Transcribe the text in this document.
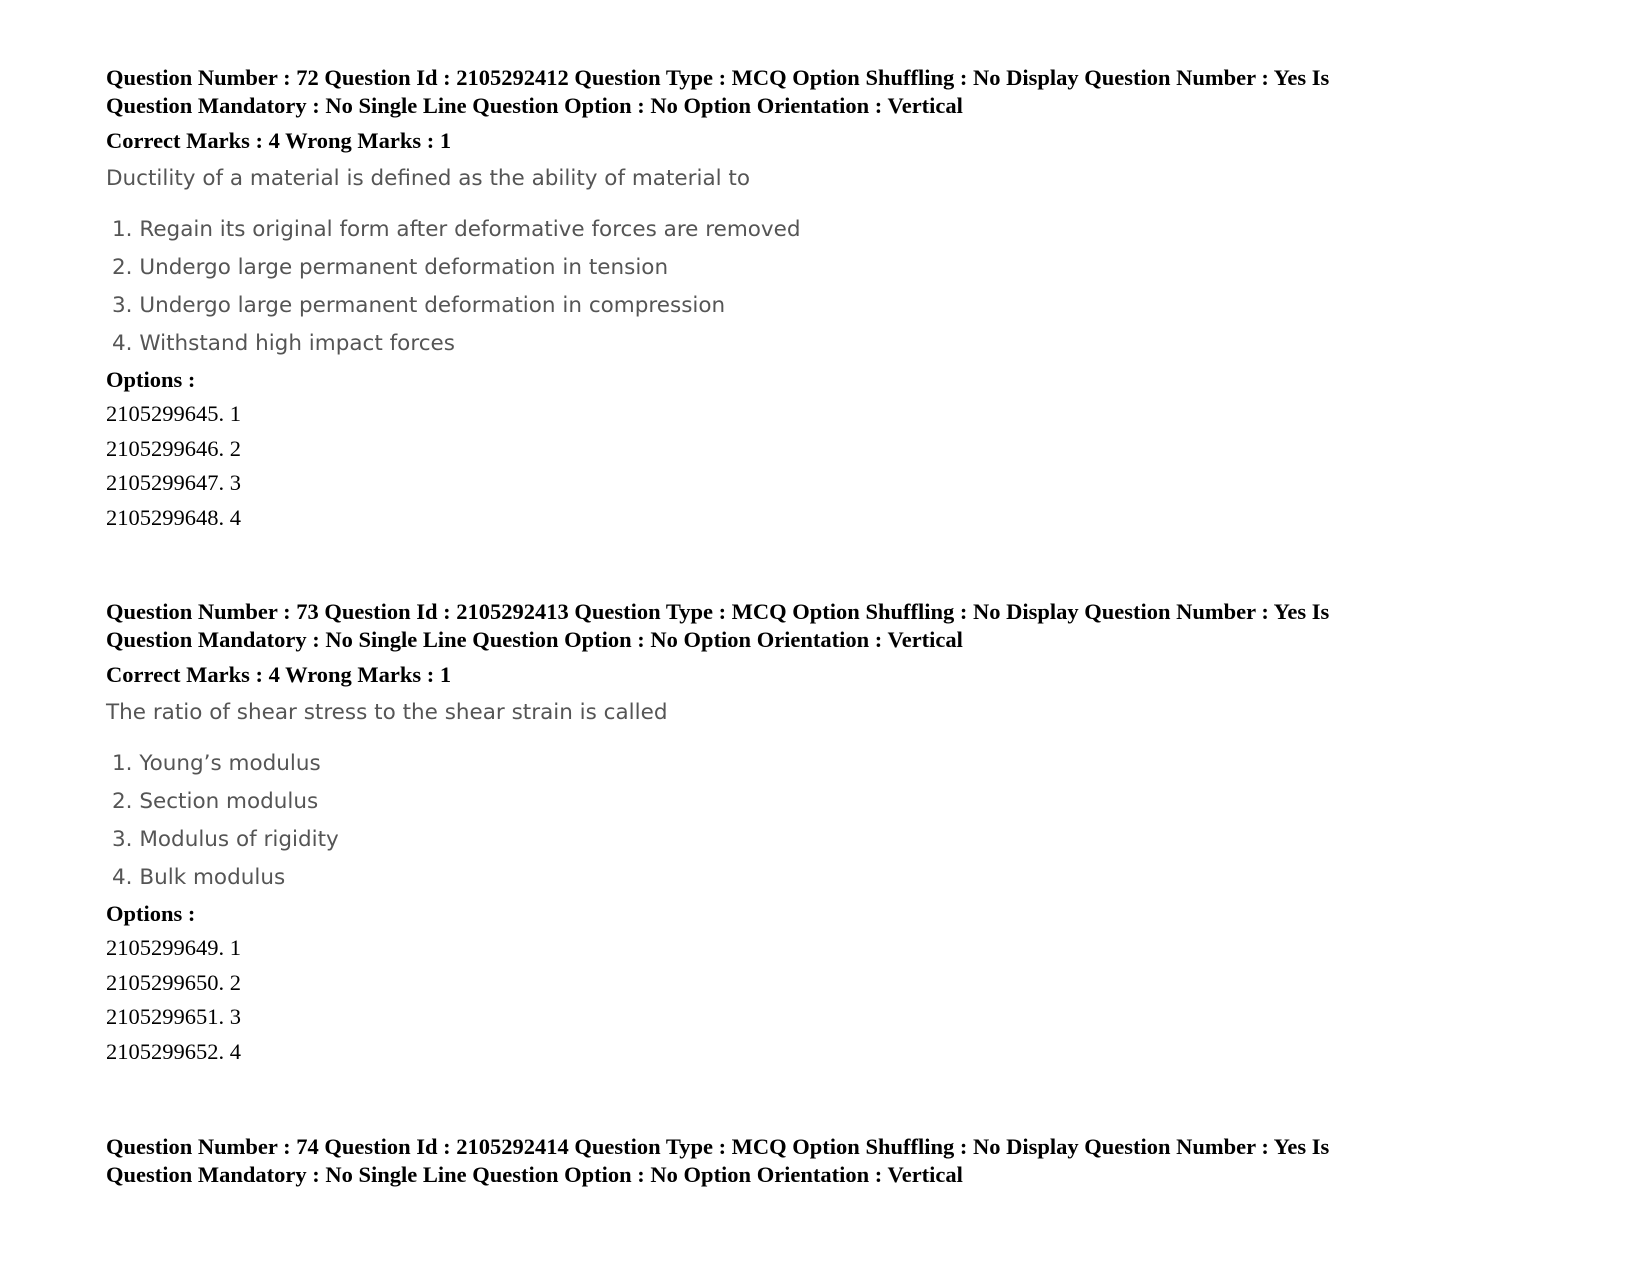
Question Number : 72 Question Id : 2105292412 Question Type : MCQ Option Shuffling : No Display Question Number : Yes Is
Question Mandatory : No Single Line Question Option : No Option Orientation : Vertical
Correct Marks : 4 Wrong Marks : 1
Ductility of a material is defined as the ability of material to
1. Regain its original form after deformative forces are removed
2. Undergo large permanent deformation in tension
3. Undergo large permanent deformation in compression
4. Withstand high impact forces
Options :
2105299645. 1
2105299646. 2
2105299647. 3
2105299648. 4
Question Number : 73 Question Id : 2105292413 Question Type : MCQ Option Shuffling : No Display Question Number : Yes Is
Question Mandatory : No Single Line Question Option : No Option Orientation : Vertical
Correct Marks : 4 Wrong Marks : 1
The ratio of shear stress to the shear strain is called
1. Young’s modulus
2. Section modulus
3. Modulus of rigidity
4. Bulk modulus
Options :
2105299649. 1
2105299650. 2
2105299651. 3
2105299652. 4
Question Number : 74 Question Id : 2105292414 Question Type : MCQ Option Shuffling : No Display Question Number : Yes Is
Question Mandatory : No Single Line Question Option : No Option Orientation : Vertical
